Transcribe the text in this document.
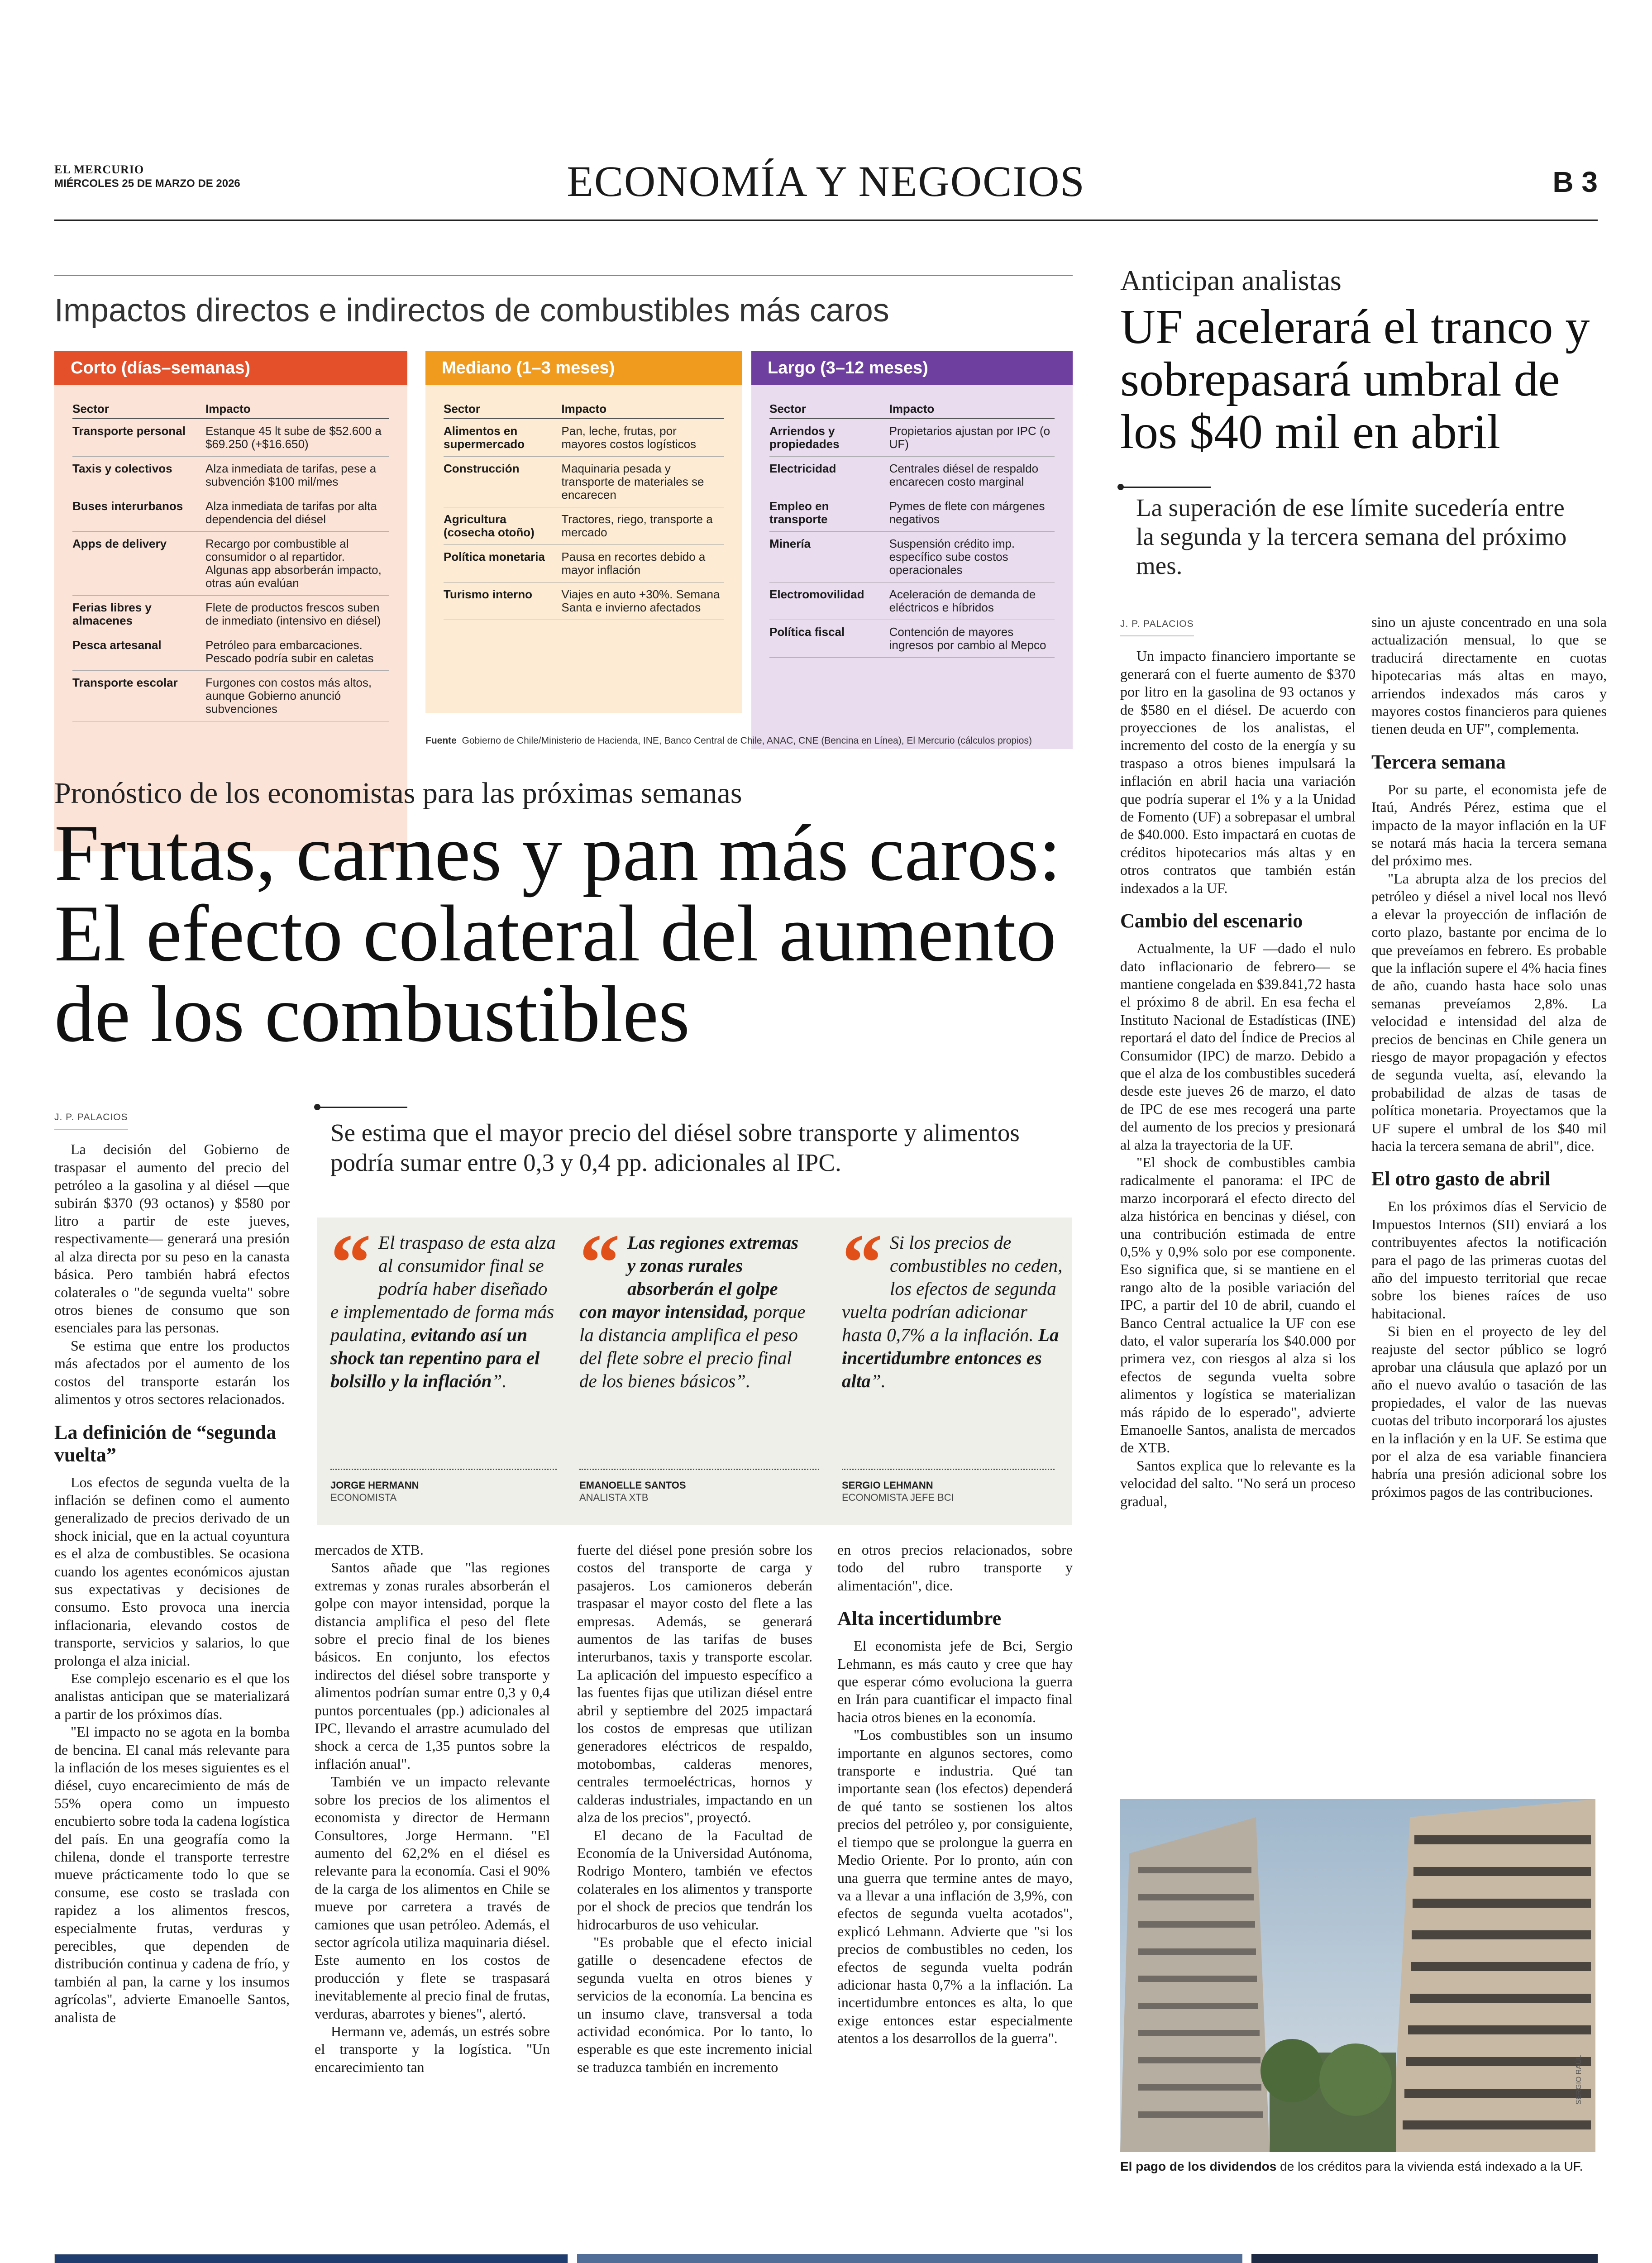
EL MERCURIO
MIÉRCOLES 25 DE MARZO DE 2026	ECONOMÍA Y NEGOCIOS	B 3
Impactos directos e indirectos de combustibles más caros
Corto (días–semanas)
Sector	Impacto
Transporte personal	Estanque 45 lt sube de $52.600 a $69.250 (+$16.650)
Taxis y colectivos	Alza inmediata de tarifas, pese a subvención $100 mil/mes
Buses interurbanos	Alza inmediata de tarifas por alta dependencia del diésel
Apps de delivery	Recargo por combustible al consumidor o al repartidor. Algunas app absorberán impacto, otras aún evalúan
Ferias libres y almacenes	Flete de productos frescos suben de inmediato (intensivo en diésel)
Pesca artesanal	Petróleo para embarcaciones. Pescado podría subir en caletas
Transporte escolar	Furgones con costos más altos, aunque Gobierno anunció subvenciones
Mediano (1–3 meses)
Sector	Impacto
Alimentos en supermercado	Pan, leche, frutas, por mayores costos logísticos
Construcción	Maquinaria pesada y transporte de materiales se encarecen
Agricultura (cosecha otoño)	Tractores, riego, transporte a mercado
Política monetaria	Pausa en recortes debido a mayor inflación
Turismo interno	Viajes en auto +30%. Semana Santa e invierno afectados
Largo (3–12 meses)
Sector	Impacto
Arriendos y propiedades	Propietarios ajustan por IPC (o UF)
Electricidad	Centrales diésel de respaldo encarecen costo marginal
Empleo en transporte	Pymes de flete con márgenes negativos
Minería	Suspensión crédito imp. específico sube costos operacionales
Electromovilidad	Aceleración de demanda de eléctricos e híbridos
Política fiscal	Contención de mayores ingresos por cambio al Mepco
Fuente Gobierno de Chile/Ministerio de Hacienda, INE, Banco Central de Chile, ANAC, CNE (Bencina en Línea), El Mercurio (cálculos propios)
Pronóstico de los economistas para las próximas semanas
Frutas, carnes y pan más caros: El efecto colateral del aumento de los combustibles
Se estima que el mayor precio del diésel sobre transporte y alimentos podría sumar entre 0,3 y 0,4 pp. adicionales al IPC.
J. P. PALACIOS

La decisión del Gobierno de traspasar el aumento del precio del petróleo a la gasolina y al diésel —que subirán $370 (93 octanos) y $580 por litro a partir de este jueves, respectivamente— generará una presión al alza directa por su peso en la canasta básica. Pero también habrá efectos colaterales o "de segunda vuelta" sobre otros bienes de consumo que son esenciales para las personas.

Se estima que entre los productos más afectados por el aumento de los costos del transporte estarán los alimentos y otros sectores relacionados.

La definición de “segunda vuelta”

Los efectos de segunda vuelta de la inflación se definen como el aumento generalizado de precios derivado de un shock inicial, que en la actual coyuntura es el alza de combustibles. Se ocasiona cuando los agentes económicos ajustan sus expectativas y decisiones de consumo. Esto provoca una inercia inflacionaria, elevando costos de transporte, servicios y salarios, lo que prolonga el alza inicial.

Ese complejo escenario es el que los analistas anticipan que se materializará a partir de los próximos días.

"El impacto no se agota en la bomba de bencina. El canal más relevante para la inflación de los meses siguientes es el diésel, cuyo encarecimiento de más de 55% opera como un impuesto encubierto sobre toda la cadena logística del país. En una geografía como la chilena, donde el transporte terrestre mueve prácticamente todo lo que se consume, ese costo se traslada con rapidez a los alimentos frescos, especialmente frutas, verduras y perecibles, que dependen de distribución continua y cadena de frío, y también al pan, la carne y los insumos agrícolas", advierte Emanoelle Santos, analista de

“ El traspaso de esta alza al consumidor final se podría haber diseñado e implementado de forma más paulatina, evitando así un shock tan repentino para el bolsillo y la inflación”.
“ Las regiones extremas y zonas rurales absorberán el golpe con mayor intensidad, porque la distancia amplifica el peso del flete sobre el precio final de los bienes básicos”.
“ Si los precios de combustibles no ceden, los efectos de segunda vuelta podrían adicionar hasta 0,7% a la inflación. La incertidumbre entonces es alta”.
JORGE HERMANN
ECONOMISTA
EMANOELLE SANTOS
ANALISTA XTB
SERGIO LEHMANN
ECONOMISTA JEFE BCI

mercados de XTB.

Santos añade que "las regiones extremas y zonas rurales absorberán el golpe con mayor intensidad, porque la distancia amplifica el peso del flete sobre el precio final de los bienes básicos. En conjunto, los efectos indirectos del diésel sobre transporte y alimentos podrían sumar entre 0,3 y 0,4 puntos porcentuales (pp.) adicionales al IPC, llevando el arrastre acumulado del shock a cerca de 1,35 puntos sobre la inflación anual".

También ve un impacto relevante sobre los precios de los alimentos el economista y director de Hermann Consultores, Jorge Hermann. "El aumento del 62,2% en el diésel es relevante para la economía. Casi el 90% de la carga de los alimentos en Chile se mueve por carretera a través de camiones que usan petróleo. Además, el sector agrícola utiliza maquinaria diésel. Este aumento en los costos de producción y flete se traspasará inevitablemente al precio final de frutas, verduras, abarrotes y bienes", alertó.

Hermann ve, además, un estrés sobre el transporte y la logística. "Un encarecimiento tan

fuerte del diésel pone presión sobre los costos del transporte de carga y pasajeros. Los camioneros deberán traspasar el mayor costo del flete a las empresas. Además, se generará aumentos de las tarifas de buses interurbanos, taxis y transporte escolar. La aplicación del impuesto específico a las fuentes fijas que utilizan diésel entre abril y septiembre del 2025 impactará los costos de empresas que utilizan generadores eléctricos de respaldo, motobombas, calderas menores, centrales termoeléctricas, hornos y calderas industriales, impactando en un alza de los precios", proyectó.

El decano de la Facultad de Economía de la Universidad Autónoma, Rodrigo Montero, también ve efectos colaterales en los alimentos y transporte por el shock de precios que tendrán los hidrocarburos de uso vehicular.

"Es probable que el efecto inicial gatille o desencadene efectos de segunda vuelta en otros bienes y servicios de la economía. La bencina es un insumo clave, transversal a toda actividad económica. Por lo tanto, lo esperable es que este incremento inicial se traduzca también en incremento

en otros precios relacionados, sobre todo del rubro transporte y alimentación", dice.

Alta incertidumbre

El economista jefe de Bci, Sergio Lehmann, es más cauto y cree que hay que esperar cómo evoluciona la guerra en Irán para cuantificar el impacto final hacia otros bienes en la economía.

"Los combustibles son un insumo importante en algunos sectores, como transporte e industria. Qué tan importante sean (los efectos) dependerá de qué tanto se sostienen los altos precios del petróleo y, por consiguiente, el tiempo que se prolongue la guerra en Medio Oriente. Por lo pronto, aún con una guerra que termine antes de mayo, va a llevar a una inflación de 3,9%, con efectos de segunda vuelta acotados", explicó Lehmann. Advierte que "si los precios de combustibles no ceden, los efectos de segunda vuelta podrán adicionar hasta 0,7% a la inflación. La incertidumbre entonces es alta, lo que exige entonces estar especialmente atentos a los desarrollos de la guerra".

Anticipan analistas
UF acelerará el tranco y sobrepasará umbral de los $40 mil en abril
La superación de ese límite sucedería entre la segunda y la tercera semana del próximo mes.
J. P. PALACIOS

Un impacto financiero importante se generará con el fuerte aumento de $370 por litro en la gasolina de 93 octanos y de $580 en el diésel. De acuerdo con proyecciones de los analistas, el incremento del costo de la energía y su traspaso a otros bienes impulsará la inflación en abril hacia una variación que podría superar el 1% y a la Unidad de Fomento (UF) a sobrepasar el umbral de $40.000. Esto impactará en cuotas de créditos hipotecarios más altas y en otros contratos que también están indexados a la UF.

Cambio del escenario

Actualmente, la UF —dado el nulo dato inflacionario de febrero— se mantiene congelada en $39.841,72 hasta el próximo 8 de abril. En esa fecha el Instituto Nacional de Estadísticas (INE) reportará el dato del Índice de Precios al Consumidor (IPC) de marzo. Debido a que el alza de los combustibles sucederá desde este jueves 26 de marzo, el dato de IPC de ese mes recogerá una parte del aumento de los precios y presionará al alza la trayectoria de la UF.

"El shock de combustibles cambia radicalmente el panorama: el IPC de marzo incorporará el efecto directo del alza histórica en bencinas y diésel, con una contribución estimada de entre 0,5% y 0,9% solo por ese componente. Eso significa que, si se mantiene en el rango alto de la posible variación del IPC, a partir del 10 de abril, cuando el Banco Central actualice la UF con ese dato, el valor superaría los $40.000 por primera vez, con riesgos al alza si los efectos de segunda vuelta sobre alimentos y logística se materializan más rápido de lo esperado", advierte Emanoelle Santos, analista de mercados de XTB.

Santos explica que lo relevante es la velocidad del salto. "No será un proceso gradual,

sino un ajuste concentrado en una sola actualización mensual, lo que se traducirá directamente en cuotas hipotecarias más altas en mayo, arriendos indexados más caros y mayores costos financieros para quienes tienen deuda en UF", complementa.

Tercera semana

Por su parte, el economista jefe de Itaú, Andrés Pérez, estima que el impacto de la mayor inflación en la UF se notará más hacia la tercera semana del próximo mes.

"La abrupta alza de los precios del petróleo y diésel a nivel local nos llevó a elevar la proyección de inflación de corto plazo, bastante por encima de lo que preveíamos en febrero. Es probable que la inflación supere el 4% hacia fines de año, cuando hasta hace solo unas semanas preveíamos 2,8%. La velocidad e intensidad del alza de precios de bencinas en Chile genera un riesgo de mayor propagación y efectos de segunda vuelta, así, elevando la probabilidad de alzas de tasas de política monetaria. Proyectamos que la UF supere el umbral de los $40 mil hacia la tercera semana de abril", dice.

El otro gasto de abril

En los próximos días el Servicio de Impuestos Internos (SII) enviará a los contribuyentes afectos la notificación para el pago de las primeras cuotas del año del impuesto territorial que recae sobre los bienes raíces de uso habitacional.

Si bien en el proyecto de ley del reajuste del sector público se logró aprobar una cláusula que aplazó por un año el nuevo avalúo o tasación de las propiedades, el valor de las nuevas cuotas del tributo incorporará los ajustes en la inflación y en la UF. Se estima que por el alza de esa variable financiera habría una presión adicional sobre los próximos pagos de las contribuciones.

SERGIO RAÚL
El pago de los dividendos de los créditos para la vivienda está indexado a la UF.
